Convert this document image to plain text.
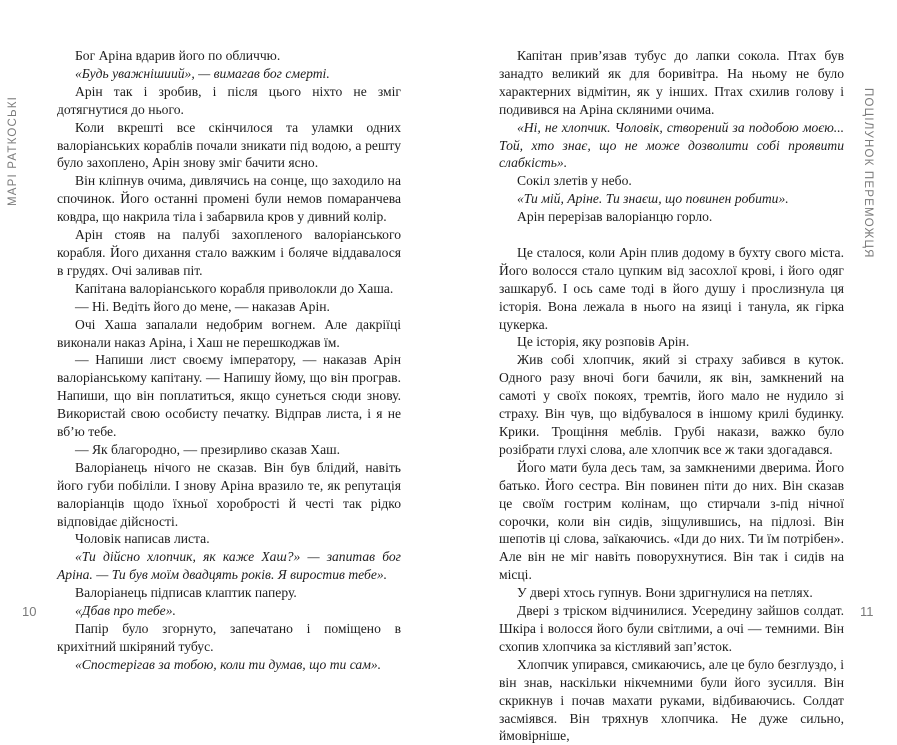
МАРІ РАТКОСЬКІ

Бог Аріна вдарив його по обличчю.

«Будь уважнішиий», — вимагав бог смерті.

Арін так і зробив, і після цього ніхто не зміг дотягнутися до нього.

Коли вкрешті все скінчилося та уламки одних валоріанських кораблів почали зникати під водою, а решту було захоплено, Арін знову зміг бачити ясно.

Він кліпнув очима, дивлячись на сонце, що заходило на спочинок. Його останні промені були немов помаранчева ковдра, що накрила тіла і забарвила кров у дивний колір.

Арін стояв на палубі захопленого валоріанського корабля. Його дихання стало важким і боляче віддавалося в грудях. Очі заливав піт.

Капітана валоріанського корабля приволокли до Хаша.

— Ні. Ведіть його до мене, — наказав Арін.

Очі Хаша запалали недобрим вогнем. Але дакріїці виконали наказ Аріна, і Хаш не перешкоджав їм.

— Напиши лист своєму імператору, — наказав Арін валоріанському капітану. — Напишу йому, що він програв. Напиши, що він поплатиться, якщо сунеться сюди знову. Використай свою особисту печатку. Відправ листа, і я не вб’ю тебе.

— Як благородно, — презирливо сказав Хаш.

Валоріанець нічого не сказав. Він був блідий, навіть його губи побіліли. І знову Аріна вразило те, як репутація валоріанців щодо їхньої хоробрості й честі так рідко відповідає дійсності.

Чоловік написав листа.

«Ти дійсно хлопчик, як каже Хаш?» — запитав бог Аріна. — Ти був моїм двадцять років. Я виростив тебе».

Валоріанець підписав клаптик паперу.

«Дбав про тебе».

Папір було згорнуто, запечатано і поміщено в крихітний шкіряний тубус.

«Спостерігав за тобою, коли ти думав, що ти сам».

10
ПОЦІЛУНОК ПЕРЕМОЖЦЯ

Капітан прив’язав тубус до лапки сокола. Птах був занадто великий як для боривітра. На ньому не було характерних відмітин, як у інших. Птах схилив голову і подивився на Аріна скляними очима.

«Ні, не хлопчик. Чоловік, створений за подобою моєю... Той, хто знає, що не може дозволити собі проявити слабкість».

Сокіл злетів у небо.

«Ти мій, Аріне. Ти знаєш, що повинен робити».

Арін перерізав валоріанцю горло.

Це сталося, коли Арін плив додому в бухту свого міста. Його волосся стало цупким від засохлої крові, і його одяг зашкаруб. І ось саме тоді в його душу і прослизнула ця історія. Вона лежала в нього на язиці і танула, як гірка цукерка.

Це історія, яку розповів Арін.

Жив собі хлопчик, який зі страху забився в куток. Одного разу вночі боги бачили, як він, замкнений на самоті у своїх покоях, тремтів, його мало не нудило зі страху. Він чув, що відбувалося в іншому крилі будинку. Крики. Трощіння меблів. Грубі накази, важко було розібрати глухі слова, але хлопчик все ж таки здогадався.

Його мати була десь там, за замкненими дверима. Його батько. Його сестра. Він повинен піти до них. Він сказав це своїм гострим колінам, що стирчали з-під нічної сорочки, коли він сидів, зіщулившись, на підлозі. Він шепотів ці слова, заїкаючись. «Іди до них. Ти їм потрібен». Але він не міг навіть поворухнутися. Він так і сидів на місці.

У двері хтось гупнув. Вони здригнулися на петлях.

Двері з тріском відчинилися. Усередину зайшов солдат. Шкіра і волосся його були світлими, а очі — темними. Він схопив хлопчика за кістлявий зап’ясток.

Хлопчик упирався, смикаючись, але це було безглуздо, і він знав, наскільки нікчемними були його зусилля. Він скрикнув і почав махати руками, відбиваючись. Солдат засміявся. Він тряхнув хлопчика. Не дуже сильно, ймовірніше,

11
